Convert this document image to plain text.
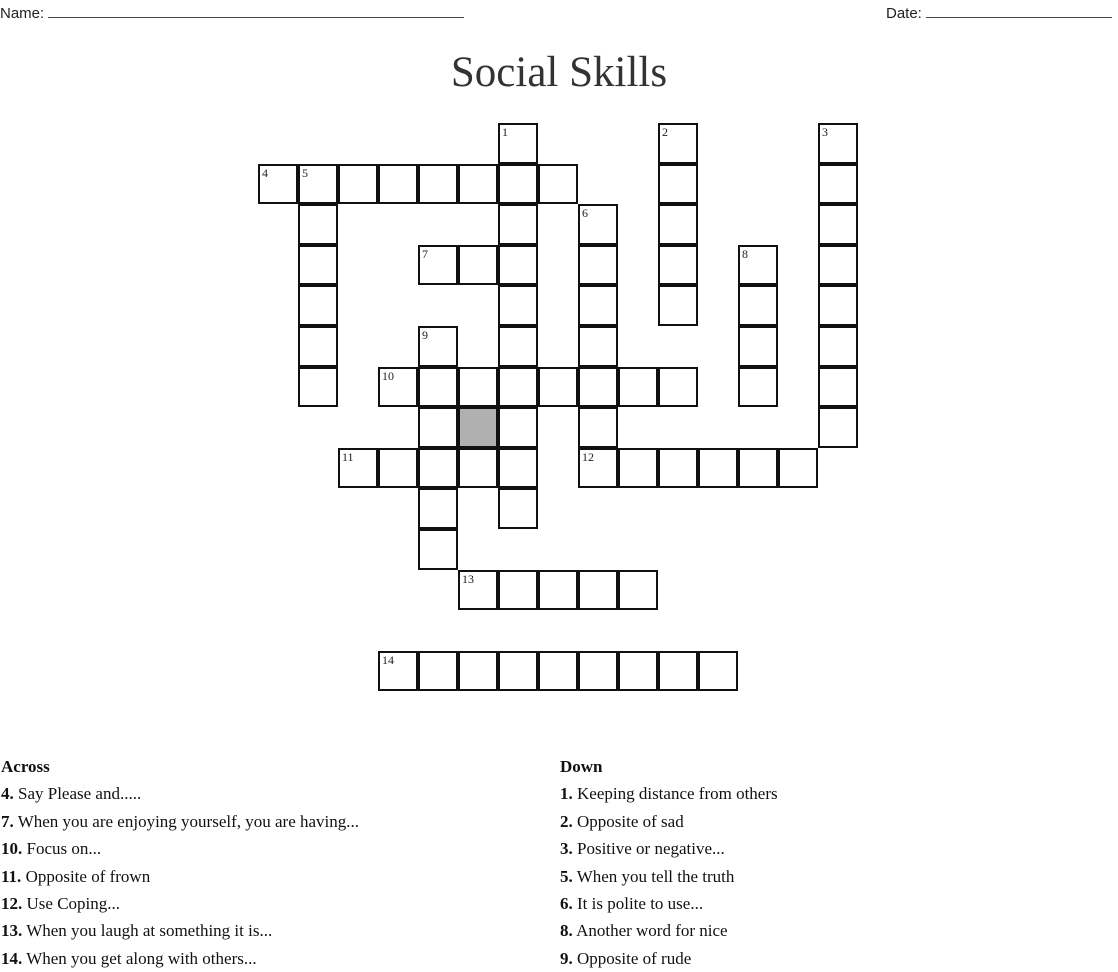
Name:	Date:
Social Skills
1	2	3
4	5
6
12
7	8
9
10
11
13
14
Across
4. Say Please and.....
7. When you are enjoying yourself, you are having...
10. Focus on...
11. Opposite of frown
12. Use Coping...
13. When you laugh at something it is...
14. When you get along with others...
Down
1. Keeping distance from others
2. Opposite of sad
3. Positive or negative...
5. When you tell the truth
6. It is polite to use...
8. Another word for nice
9. Opposite of rude
